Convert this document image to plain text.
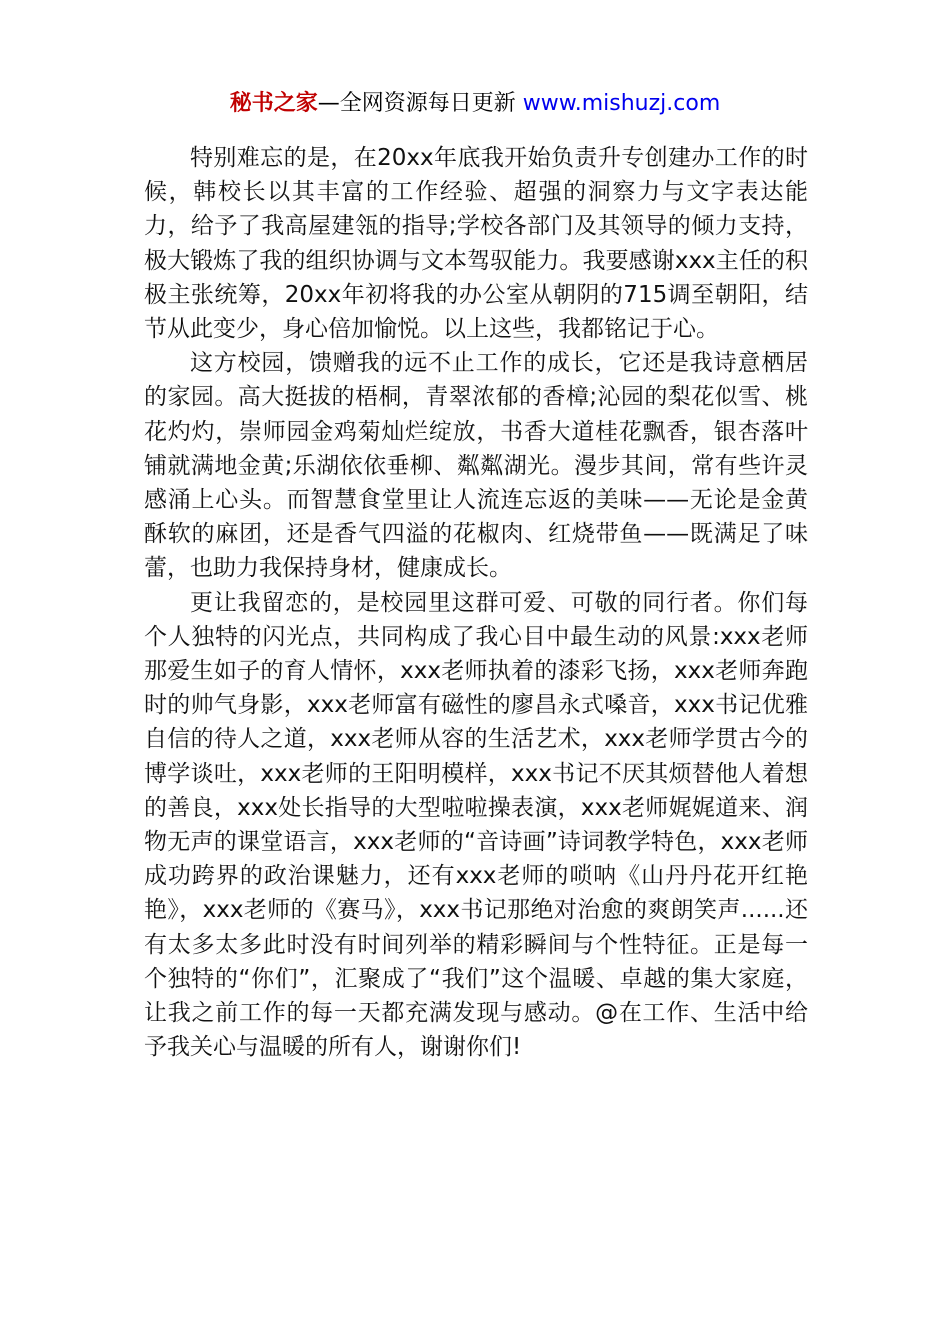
秘书之家—全网资源每日更新 www.mishuzj.com

特别难忘的是，在20xx年底我开始负责升专创建办工作的时候，韩校长以其丰富的工作经验、超强的洞察力与文字表达能力，给予了我高屋建瓴的指导;学校各部门及其领导的倾力支持，极大锻炼了我的组织协调与文本驾驭能力。我要感谢xxx主任的积极主张统筹，20xx年初将我的办公室从朝阴的715调至朝阳，结节从此变少，身心倍加愉悦。以上这些，我都铭记于心。

这方校园，馈赠我的远不止工作的成长，它还是我诗意栖居的家园。高大挺拔的梧桐，青翠浓郁的香樟;沁园的梨花似雪、桃花灼灼，崇师园金鸡菊灿烂绽放，书香大道桂花飘香，银杏落叶铺就满地金黄;乐湖依依垂柳、粼粼湖光。漫步其间，常有些许灵感涌上心头。而智慧食堂里让人流连忘返的美味——无论是金黄酥软的麻团，还是香气四溢的花椒肉、红烧带鱼——既满足了味蕾，也助力我保持身材，健康成长。

更让我留恋的，是校园里这群可爱、可敬的同行者。你们每个人独特的闪光点，共同构成了我心目中最生动的风景:xxx老师那爱生如子的育人情怀，xxx老师执着的漆彩飞扬，xxx老师奔跑时的帅气身影，xxx老师富有磁性的廖昌永式嗓音，xxx书记优雅自信的待人之道，xxx老师从容的生活艺术，xxx老师学贯古今的博学谈吐，xxx老师的王阳明模样，xxx书记不厌其烦替他人着想的善良，xxx处长指导的大型啦啦操表演，xxx老师娓娓道来、润物无声的课堂语言，xxx老师的“音诗画”诗词教学特色，xxx老师成功跨界的政治课魅力，还有xxx老师的唢呐《山丹丹花开红艳艳》，xxx老师的《赛马》，xxx书记那绝对治愈的爽朗笑声......还有太多太多此时没有时间列举的精彩瞬间与个性特征。正是每一个独特的“你们”，汇聚成了“我们”这个温暖、卓越的集大家庭，让我之前工作的每一天都充满发现与感动。@在工作、生活中给予我关心与温暖的所有人，谢谢你们!
